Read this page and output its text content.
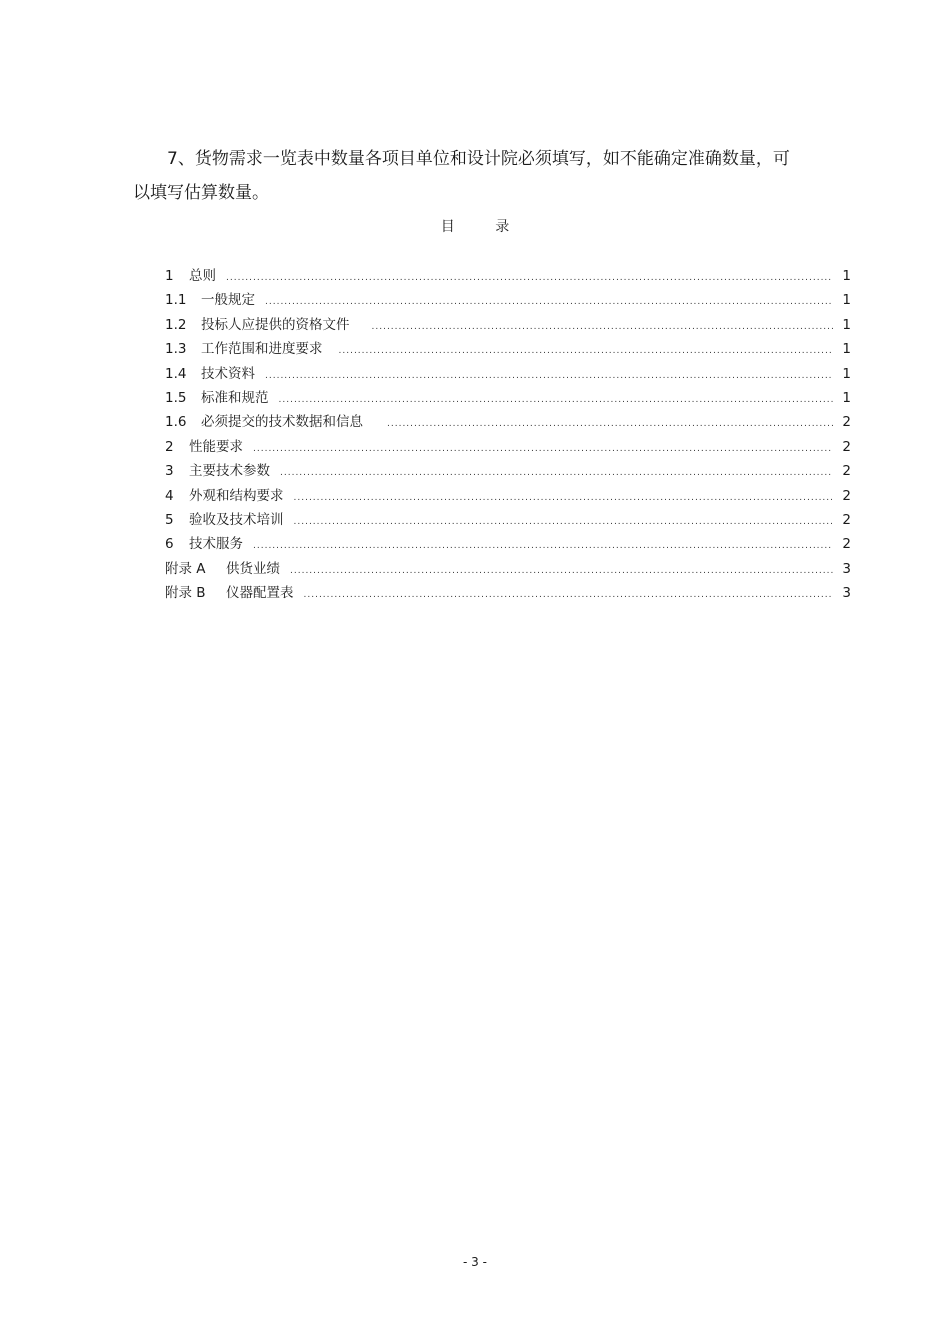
7、货物需求一览表中数量各项目单位和设计院必须填写，如不能确定准确数量，可
以填写估算数量。
目 录
1	总则 .....	1
1.1	一般规定 .....	1
1.2	投标人应提供的资格文件 .....	1
1.3	工作范围和进度要求 .....	1
1.4	技术资料 .....	1
1.5	标准和规范 .....	1
1.6	必须提交的技术数据和信息 .....	2
2	性能要求 .....	2
3	主要技术参数 .....	2
4	外观和结构要求 .....	2
5	验收及技术培训 .....	2
6	技术服务 .....	2
附录 A	供货业绩 .....	3
附录 B	仪器配置表 .....	3
- 3 -
